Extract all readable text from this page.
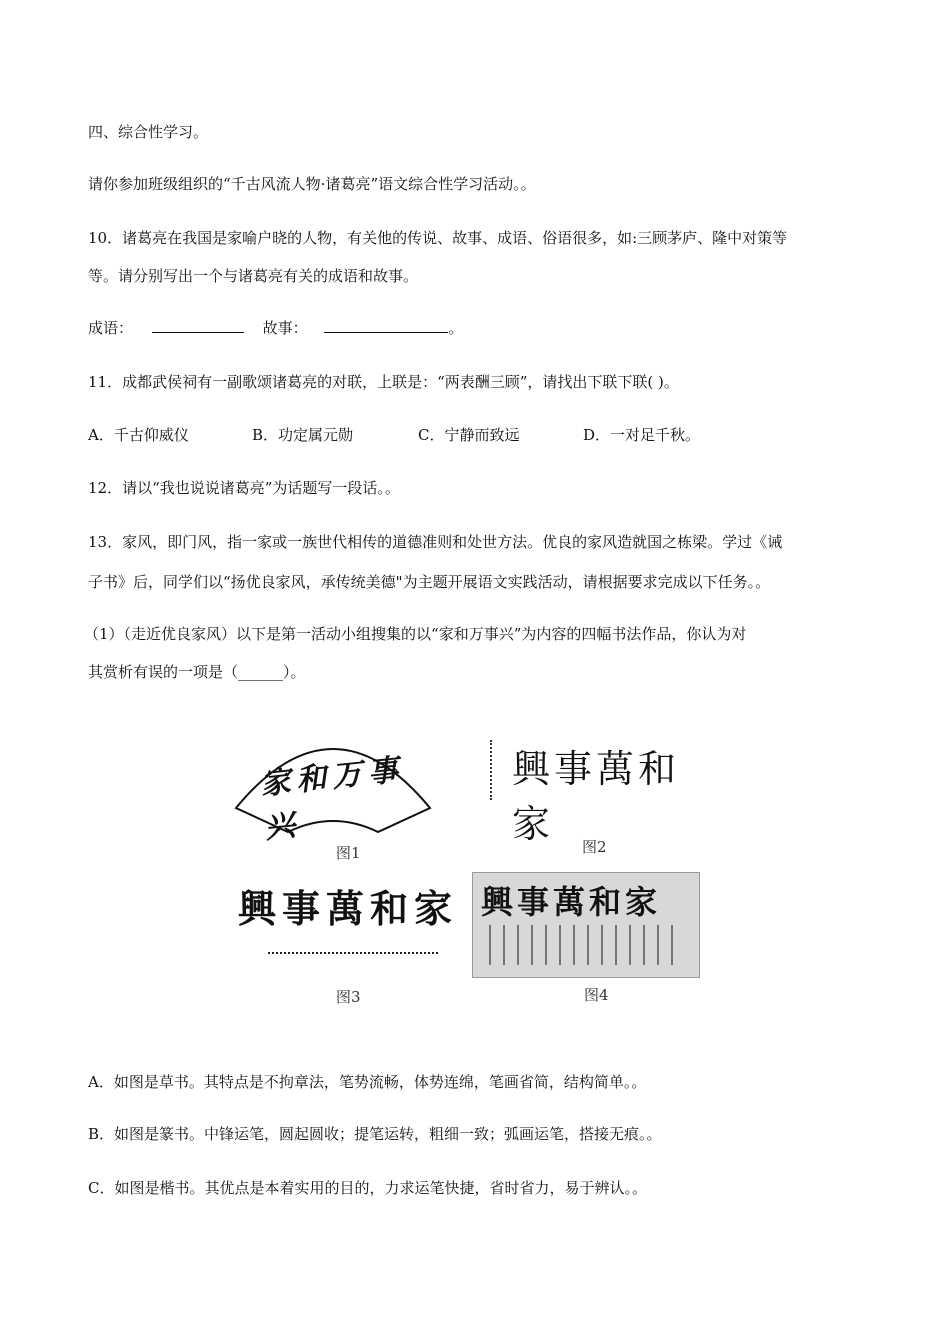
四、综合性学习。
请你参加班级组织的“千古风流人物·诸葛亮”语文综合性学习活动。。
10．诸葛亮在我国是家喻户晓的人物，有关他的传说、故事、成语、俗语很多，如:三顾茅庐、隆中对策等
等。请分别写出一个与诸葛亮有关的成语和故事。
成语：	故事：	。
11．成都武侯祠有一副歌颂诸葛亮的对联，上联是：“两表酬三顾”，请找出下联下联( )。
A．千古仰威仪	B．功定属元勋	C．宁静而致远	D．一对足千秋。
12．请以“我也说说诸葛亮”为话题写一段话。。
13．家风，即门风，指一家或一族世代相传的道德准则和处世方法。优良的家风造就国之栋梁。学过《诫
子书》后，同学们以“扬优良家风，承传统美德"为主题开展语文实践活动，请根据要求完成以下任务。。
（1）（走近优良家风）以下是第一活动小组搜集的以“家和万事兴”为内容的四幅书法作品，你认为对
其赏析有误的一项是（______）。
家和万事兴
图1
興事萬和家
图2
興事萬和家
图3
興事萬和家
图4
A．如图是草书。其特点是不拘章法，笔势流畅，体势连绵，笔画省简，结构简单。。
B．如图是篆书。中锋运笔，圆起圆收；提笔运转，粗细一致；弧画运笔，搭接无痕。。
C．如图是楷书。其优点是本着实用的目的，力求运笔快捷，省时省力，易于辨认。。
